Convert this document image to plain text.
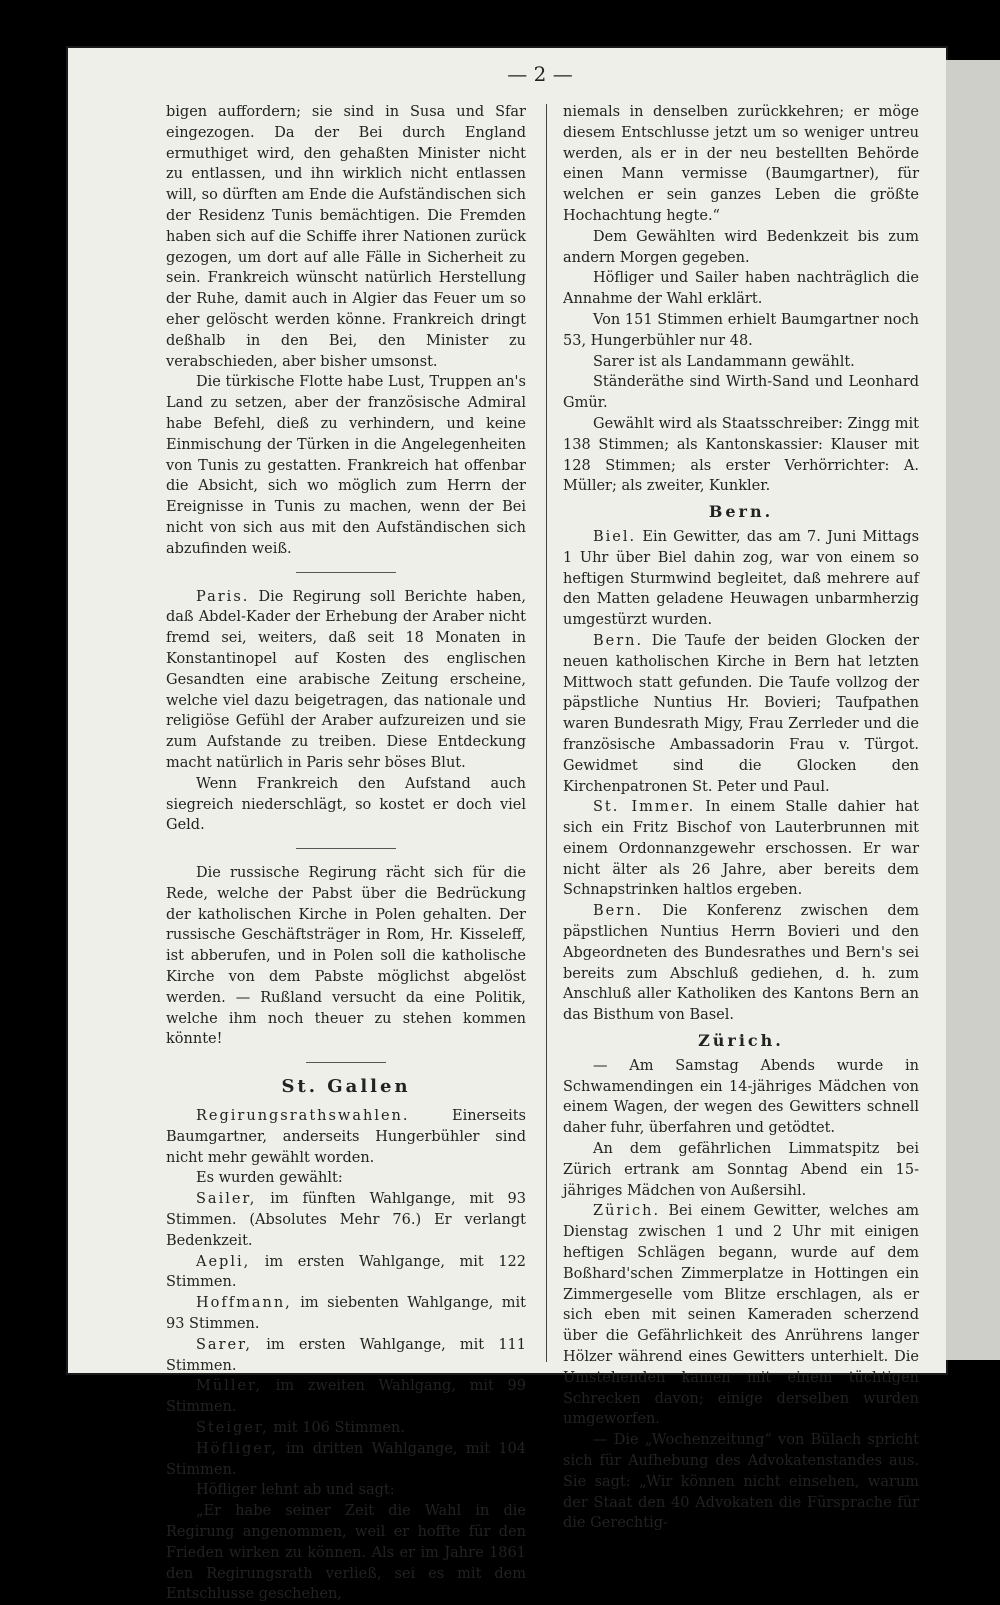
— 2 —

bigen auffordern; sie sind in Susa und Sfar eingezogen. Da der Bei durch England ermuthiget wird, den gehaßten Minister nicht zu entlassen, und ihn wirklich nicht entlassen will, so dürften am Ende die Aufständischen sich der Residenz Tunis bemächtigen. Die Fremden haben sich auf die Schiffe ihrer Nationen zurück gezogen, um dort auf alle Fälle in Sicherheit zu sein. Frankreich wünscht natürlich Herstellung der Ruhe, damit auch in Algier das Feuer um so eher gelöscht werden könne. Frankreich dringt deßhalb in den Bei, den Minister zu verabschieden, aber bisher umsonst.

Die türkische Flotte habe Lust, Truppen an's Land zu setzen, aber der französische Admiral habe Befehl, dieß zu verhindern, und keine Einmischung der Türken in die Angelegenheiten von Tunis zu gestatten. Frankreich hat offenbar die Absicht, sich wo möglich zum Herrn der Ereignisse in Tunis zu machen, wenn der Bei nicht von sich aus mit den Aufständischen sich abzufinden weiß.

Paris. Die Regirung soll Berichte haben, daß Abdel-Kader der Erhebung der Araber nicht fremd sei, weiters, daß seit 18 Monaten in Konstantinopel auf Kosten des englischen Gesandten eine arabische Zeitung erscheine, welche viel dazu beigetragen, das nationale und religiöse Gefühl der Araber aufzureizen und sie zum Aufstande zu treiben. Diese Entdeckung macht natürlich in Paris sehr böses Blut.

Wenn Frankreich den Aufstand auch siegreich niederschlägt, so kostet er doch viel Geld.

Die russische Regirung rächt sich für die Rede, welche der Pabst über die Bedrückung der katholischen Kirche in Polen gehalten. Der russische Geschäftsträger in Rom, Hr. Kisseleff, ist abberufen, und in Polen soll die katholische Kirche von dem Pabste möglichst abgelöst werden. — Rußland versucht da eine Politik, welche ihm noch theuer zu stehen kommen könnte!

St. Gallen

Regirungsrathswahlen.	Einerseits Baumgartner, anderseits Hungerbühler sind nicht mehr gewählt worden.

Es wurden gewählt:

Sailer, im fünften Wahlgange, mit 93 Stimmen. (Absolutes Mehr 76.) Er verlangt Bedenkzeit.

Aepli, im ersten Wahlgange, mit 122 Stimmen.

Hoffmann, im siebenten Wahlgange, mit 93 Stimmen.

Sarer, im ersten Wahlgange, mit 111 Stimmen.

Müller, im zweiten Wahlgang, mit 99 Stimmen.

Steiger, mit 106 Stimmen.

Höfliger, im dritten Wahlgange, mit 104 Stimmen.

Höfliger lehnt ab und sagt:

„Er habe seiner Zeit die Wahl in die Regirung angenommen, weil er hoffte für den Frieden wirken zu können. Als er im Jahre 1861 den Regirungsrath verließ, sei es mit dem Entschlusse geschehen,

niemals in denselben zurückkehren; er möge diesem Entschlusse jetzt um so weniger untreu werden, als er in der neu bestellten Behörde einen Mann vermisse (Baumgartner), für welchen er sein ganzes Leben die größte Hochachtung hegte.“

Dem Gewählten wird Bedenkzeit bis zum andern Morgen gegeben.

Höfliger und Sailer haben nachträglich die Annahme der Wahl erklärt.

Von 151 Stimmen erhielt Baumgartner noch 53, Hungerbühler nur 48.

Sarer ist als Landammann gewählt.

Ständeräthe sind Wirth-Sand und Leonhard Gmür.

Gewählt wird als Staatsschreiber: Zingg mit 138 Stimmen; als Kantonskassier: Klauser mit 128 Stimmen; als erster Verhörrichter: A. Müller; als zweiter, Kunkler.

Bern.

Biel. Ein Gewitter, das am 7. Juni Mittags 1 Uhr über Biel dahin zog, war von einem so heftigen Sturmwind begleitet, daß mehrere auf den Matten geladene Heuwagen unbarmherzig umgestürzt wurden.

Bern. Die Taufe der beiden Glocken der neuen katholischen Kirche in Bern hat letzten Mittwoch statt gefunden. Die Taufe vollzog der päpstliche Nuntius Hr. Bovieri; Taufpathen waren Bundesrath Migy, Frau Zerrleder und die französische Ambassadorin Frau v. Türgot. Gewidmet sind die Glocken den Kirchenpatronen St. Peter und Paul.

St. Immer. In einem Stalle dahier hat sich ein Fritz Bischof von Lauterbrunnen mit einem Ordonnanzgewehr erschossen. Er war nicht älter als 26 Jahre, aber bereits dem Schnapstrinken haltlos ergeben.

Bern. Die Konferenz zwischen dem päpstlichen Nuntius Herrn Bovieri und den Abgeordneten des Bundesrathes und Bern's sei bereits zum Abschluß gediehen, d. h. zum Anschluß aller Katholiken des Kantons Bern an das Bisthum von Basel.

Zürich.

— Am Samstag Abends wurde in Schwamendingen ein 14-jähriges Mädchen von einem Wagen, der wegen des Gewitters schnell daher fuhr, überfahren und getödtet.

An dem gefährlichen Limmatspitz bei Zürich ertrank am Sonntag Abend ein 15-jähriges Mädchen von Außersihl.

Zürich. Bei einem Gewitter, welches am Dienstag zwischen 1 und 2 Uhr mit einigen heftigen Schlägen begann, wurde auf dem Boßhard'schen Zimmerplatze in Hottingen ein Zimmergeselle vom Blitze erschlagen, als er sich eben mit seinen Kameraden scherzend über die Gefährlichkeit des Anrührens langer Hölzer während eines Gewitters unterhielt. Die Umstehenden kamen mit einem tüchtigen Schrecken davon; einige derselben wurden umgeworfen.

— Die „Wochenzeitung“ von Bülach spricht sich für Aufhebung des Advokatenstandes aus. Sie sagt: „Wir können nicht einsehen, warum der Staat den 40 Advokaten die Fürsprache für die Gerechtig-
